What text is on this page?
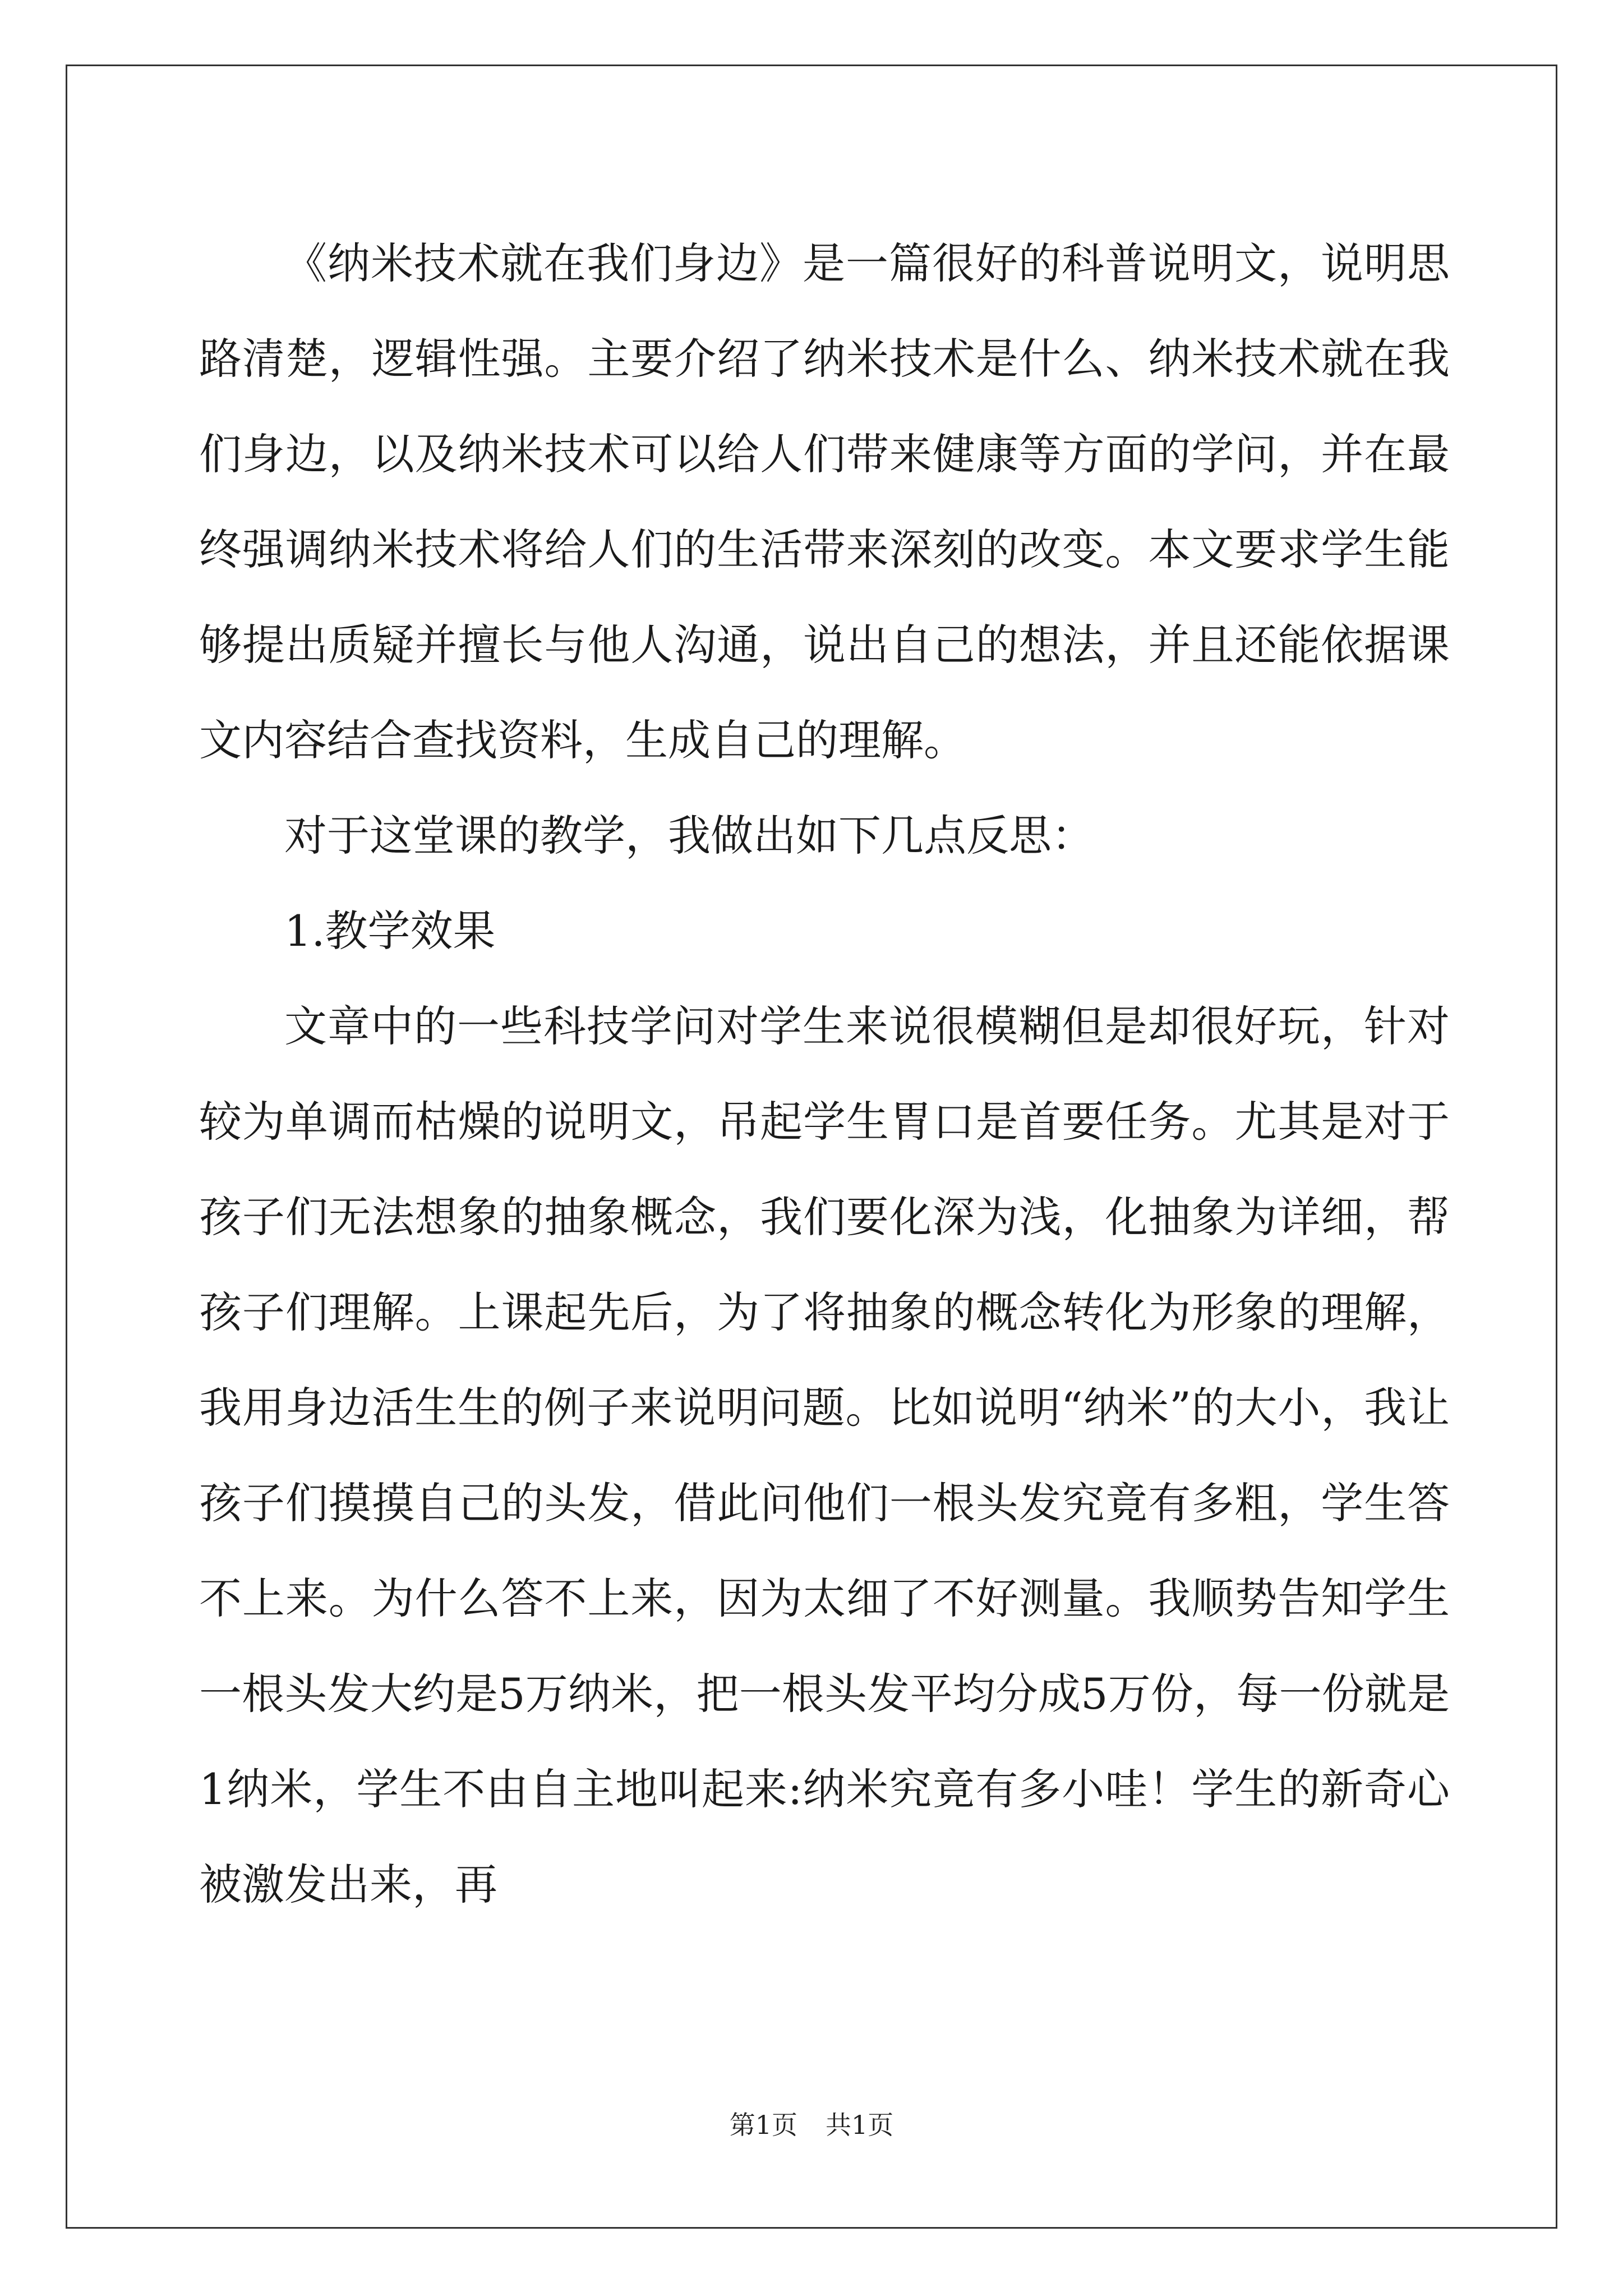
《纳米技术就在我们身边》是一篇很好的科普说明文，说明思路清楚，逻辑性强。主要介绍了纳米技术是什么、纳米技术就在我们身边，以及纳米技术可以给人们带来健康等方面的学问，并在最终强调纳米技术将给人们的生活带来深刻的改变。本文要求学生能够提出质疑并擅长与他人沟通，说出自己的想法，并且还能依据课文内容结合查找资料，生成自己的理解。

对于这堂课的教学，我做出如下几点反思：

1.教学效果

文章中的一些科技学问对学生来说很模糊但是却很好玩，针对较为单调而枯燥的说明文，吊起学生胃口是首要任务。尤其是对于孩子们无法想象的抽象概念，我们要化深为浅，化抽象为详细，帮孩子们理解。上课起先后，为了将抽象的概念转化为形象的理解，我用身边活生生的例子来说明问题。比如说明“纳米”的大小，我让孩子们摸摸自己的头发，借此问他们一根头发究竟有多粗，学生答不上来。为什么答不上来，因为太细了不好测量。我顺势告知学生一根头发大约是5万纳米，把一根头发平均分成5万份，每一份就是1纳米，学生不由自主地叫起来:纳米究竟有多小哇！学生的新奇心被激发出来，再

第1页 共1页
